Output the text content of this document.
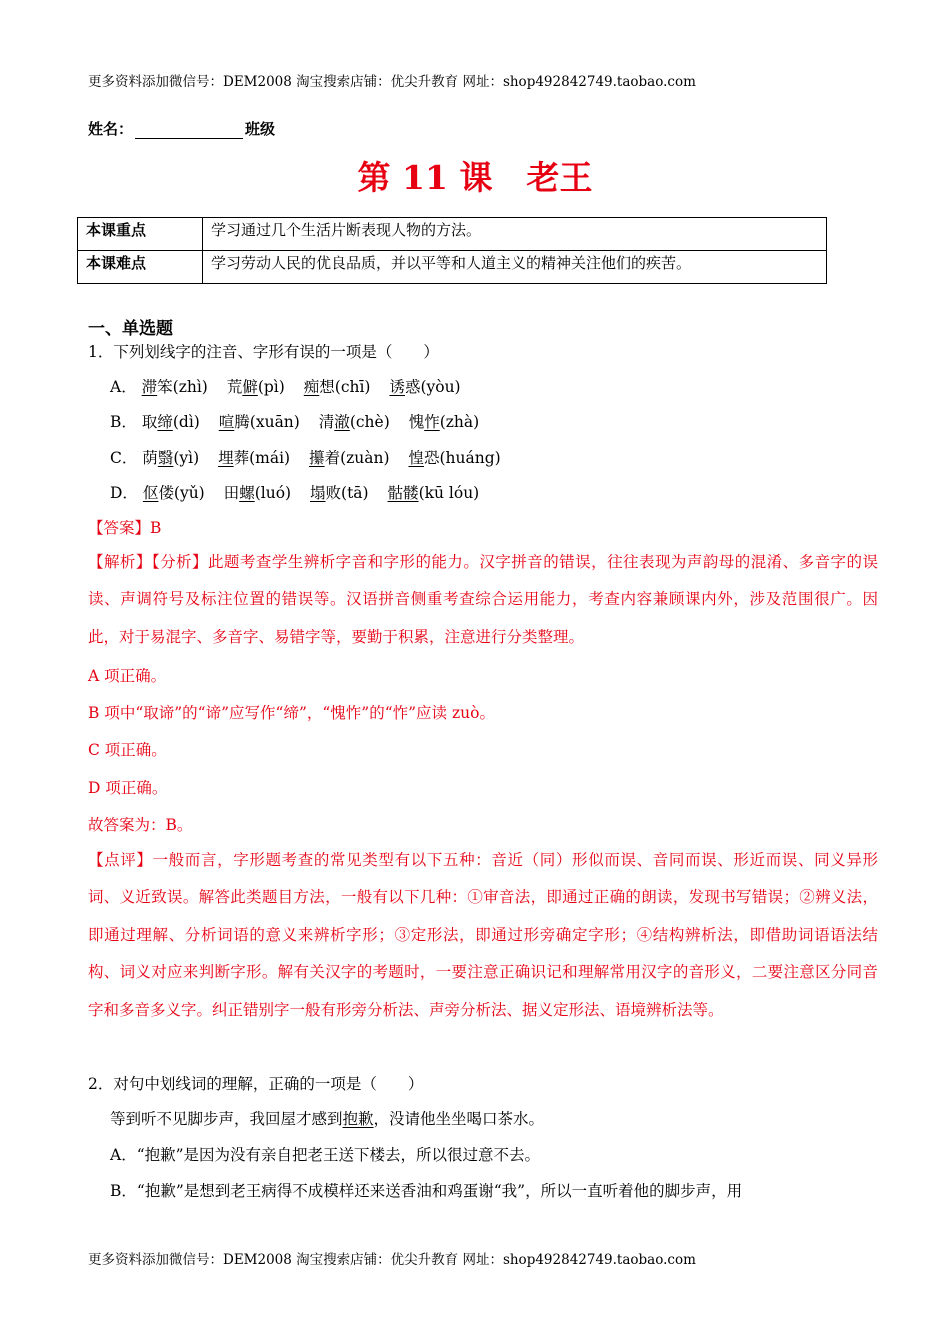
更多资料添加微信号：DEM2008 淘宝搜索店铺：优尖升教育 网址：shop492842749.taobao.com
姓名：	班级
第 11 课 老王
本课重点	学习通过几个生活片断表现人物的方法。
本课难点	学习劳动人民的优良品质，并以平等和人道主义的精神关注他们的疾苦。
一、单选题
1．下列划线字的注音、字形有误的一项是（　　）
A． 滞笨(zhì) 荒僻(pì) 痴想(chī) 诱惑(yòu)
B． 取缔(dì) 喧腾(xuān) 清澈(chè) 愧怍(zhà)
C． 荫翳(yì) 埋葬(mái) 攥着(zuàn) 惶恐(huáng)
D． 伛偻(yǔ) 田螺(luó) 塌败(tā) 骷髅(kū lóu)
【答案】B
【解析】【分析】此题考查学生辨析字音和字形的能力。汉字拼音的错误，往往表现为声韵母的混淆、多音字的误读、声调符号及标注位置的错误等。汉语拼音侧重考查综合运用能力，考查内容兼顾课内外，涉及范围很广。因此，对于易混字、多音字、易错字等，要勤于积累，注意进行分类整理。
A 项正确。
B 项中“取谛”的“谛”应写作“缔”，“愧怍”的“怍”应读 zuò。
C 项正确。
D 项正确。
故答案为：B。
【点评】一般而言，字形题考查的常见类型有以下五种：音近（同）形似而误、音同而误、形近而误、同义异形词、义近致误。解答此类题目方法，一般有以下几种：①审音法，即通过正确的朗读，发现书写错误；②辨义法，即通过理解、分析词语的意义来辨析字形；③定形法，即通过形旁确定字形；④结构辨析法，即借助词语语法结构、词义对应来判断字形。解有关汉字的考题时，一要注意正确识记和理解常用汉字的音形义，二要注意区分同音字和多音多义字。纠正错别字一般有形旁分析法、声旁分析法、据义定形法、语境辨析法等。
2．对句中划线词的理解，正确的一项是（　　）
等到听不见脚步声，我回屋才感到抱歉，没请他坐坐喝口茶水。
A．“抱歉”是因为没有亲自把老王送下楼去，所以很过意不去。
B．“抱歉”是想到老王病得不成模样还来送香油和鸡蛋谢“我”，所以一直听着他的脚步声，用
更多资料添加微信号：DEM2008 淘宝搜索店铺：优尖升教育 网址：shop492842749.taobao.com
